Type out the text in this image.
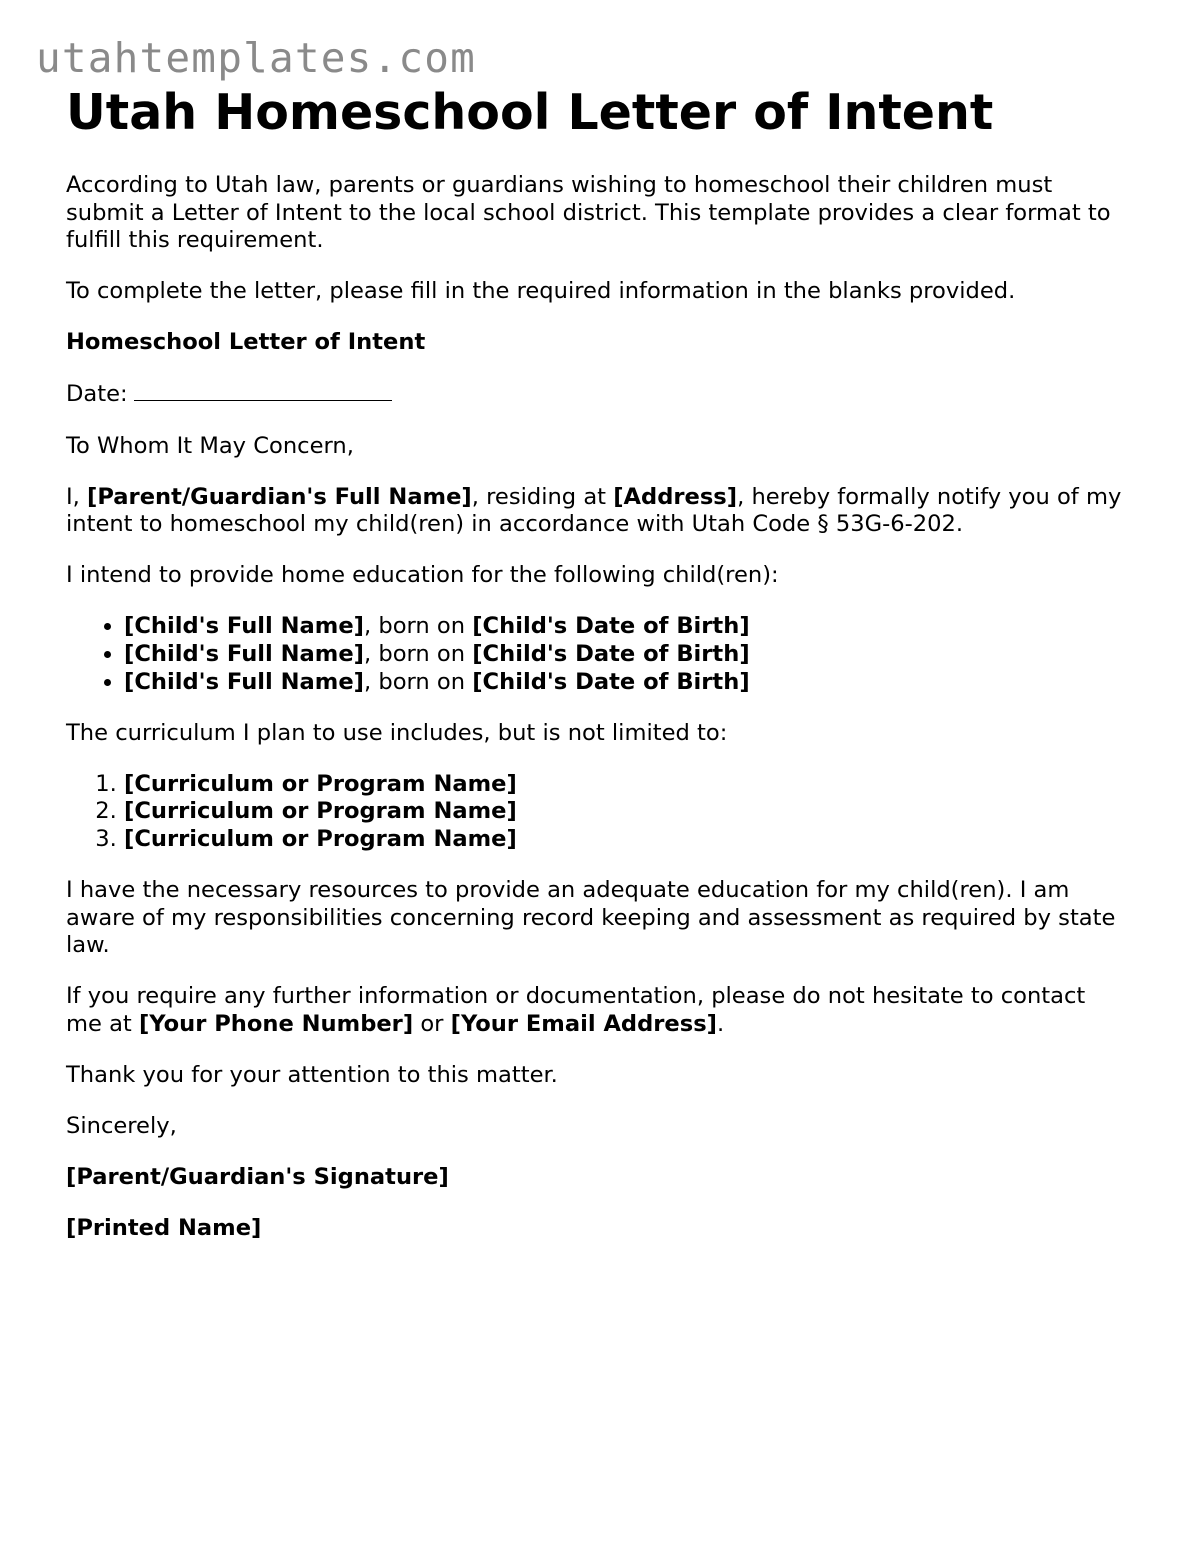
utahtemplates.com
Utah Homeschool Letter of Intent

According to Utah law, parents or guardians wishing to homeschool their children must submit a Letter of Intent to the local school district. This template provides a clear format to fulfill this requirement.

To complete the letter, please fill in the required information in the blanks provided.

Homeschool Letter of Intent

Date:

To Whom It May Concern,

I, [Parent/Guardian's Full Name], residing at [Address], hereby formally notify you of my intent to homeschool my child(ren) in accordance with Utah Code § 53G-6-202.

I intend to provide home education for the following child(ren):

• [Child's Full Name], born on [Child's Date of Birth]
• [Child's Full Name], born on [Child's Date of Birth]
• [Child's Full Name], born on [Child's Date of Birth]

The curriculum I plan to use includes, but is not limited to:

1. [Curriculum or Program Name]
2. [Curriculum or Program Name]
3. [Curriculum or Program Name]

I have the necessary resources to provide an adequate education for my child(ren). I am aware of my responsibilities concerning record keeping and assessment as required by state law.

If you require any further information or documentation, please do not hesitate to contact me at [Your Phone Number] or [Your Email Address].

Thank you for your attention to this matter.

Sincerely,

[Parent/Guardian's Signature]

[Printed Name]
